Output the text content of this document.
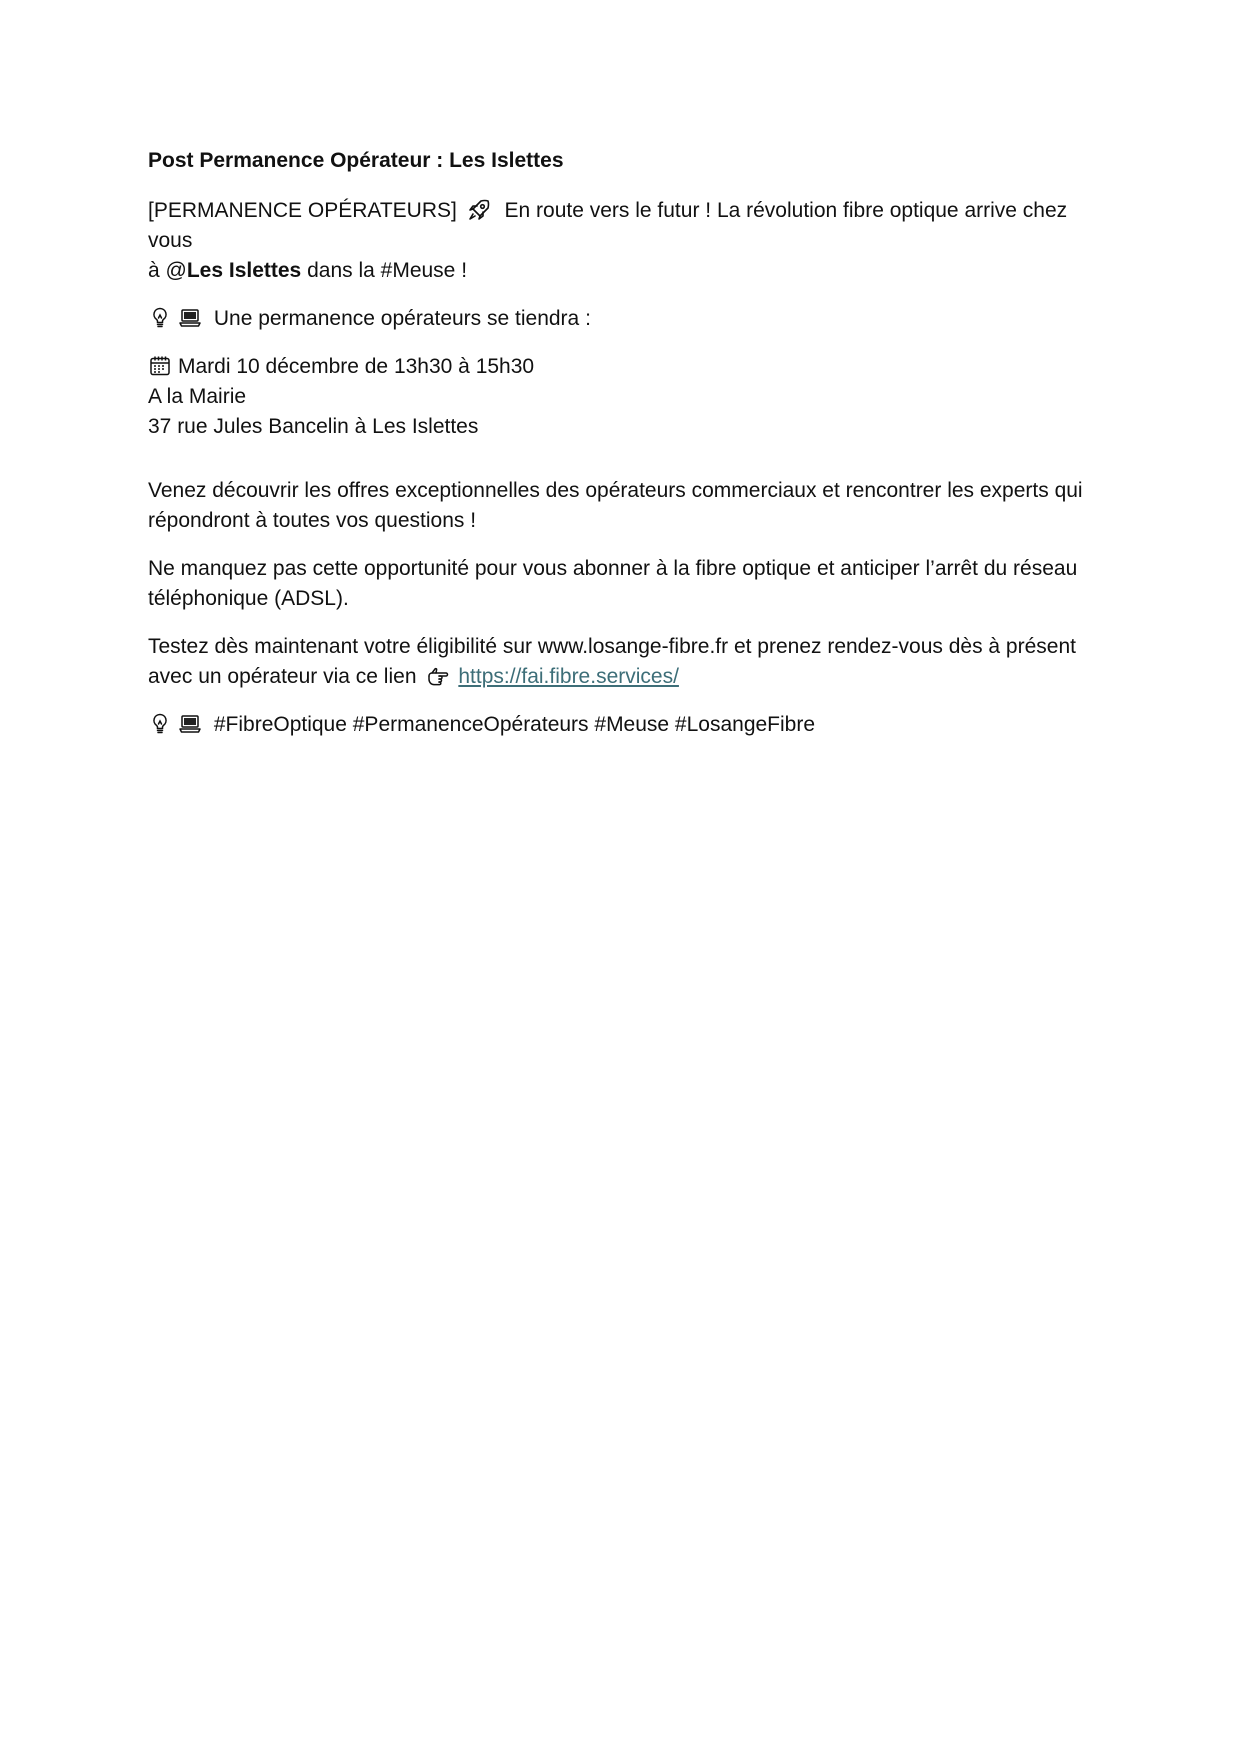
Post Permanence Opérateur : Les Islettes

[PERMANENCE OPÉRATEURS] En route vers le futur ! La révolution fibre optique arrive chez vous
à @Les Islettes dans la #Meuse !

Une permanence opérateurs se tiendra :

Mardi 10 décembre de 13h30 à 15h30
A la Mairie
37 rue Jules Bancelin à Les Islettes

Venez découvrir les offres exceptionnelles des opérateurs commerciaux et rencontrer les experts qui répondront à toutes vos questions !

Ne manquez pas cette opportunité pour vous abonner à la fibre optique et anticiper l’arrêt du réseau téléphonique (ADSL).

Testez dès maintenant votre éligibilité sur www.losange-fibre.fr et prenez rendez-vous dès à présent avec un opérateur via ce lien https://fai.fibre.services/

#FibreOptique #PermanenceOpérateurs #Meuse #LosangeFibre
